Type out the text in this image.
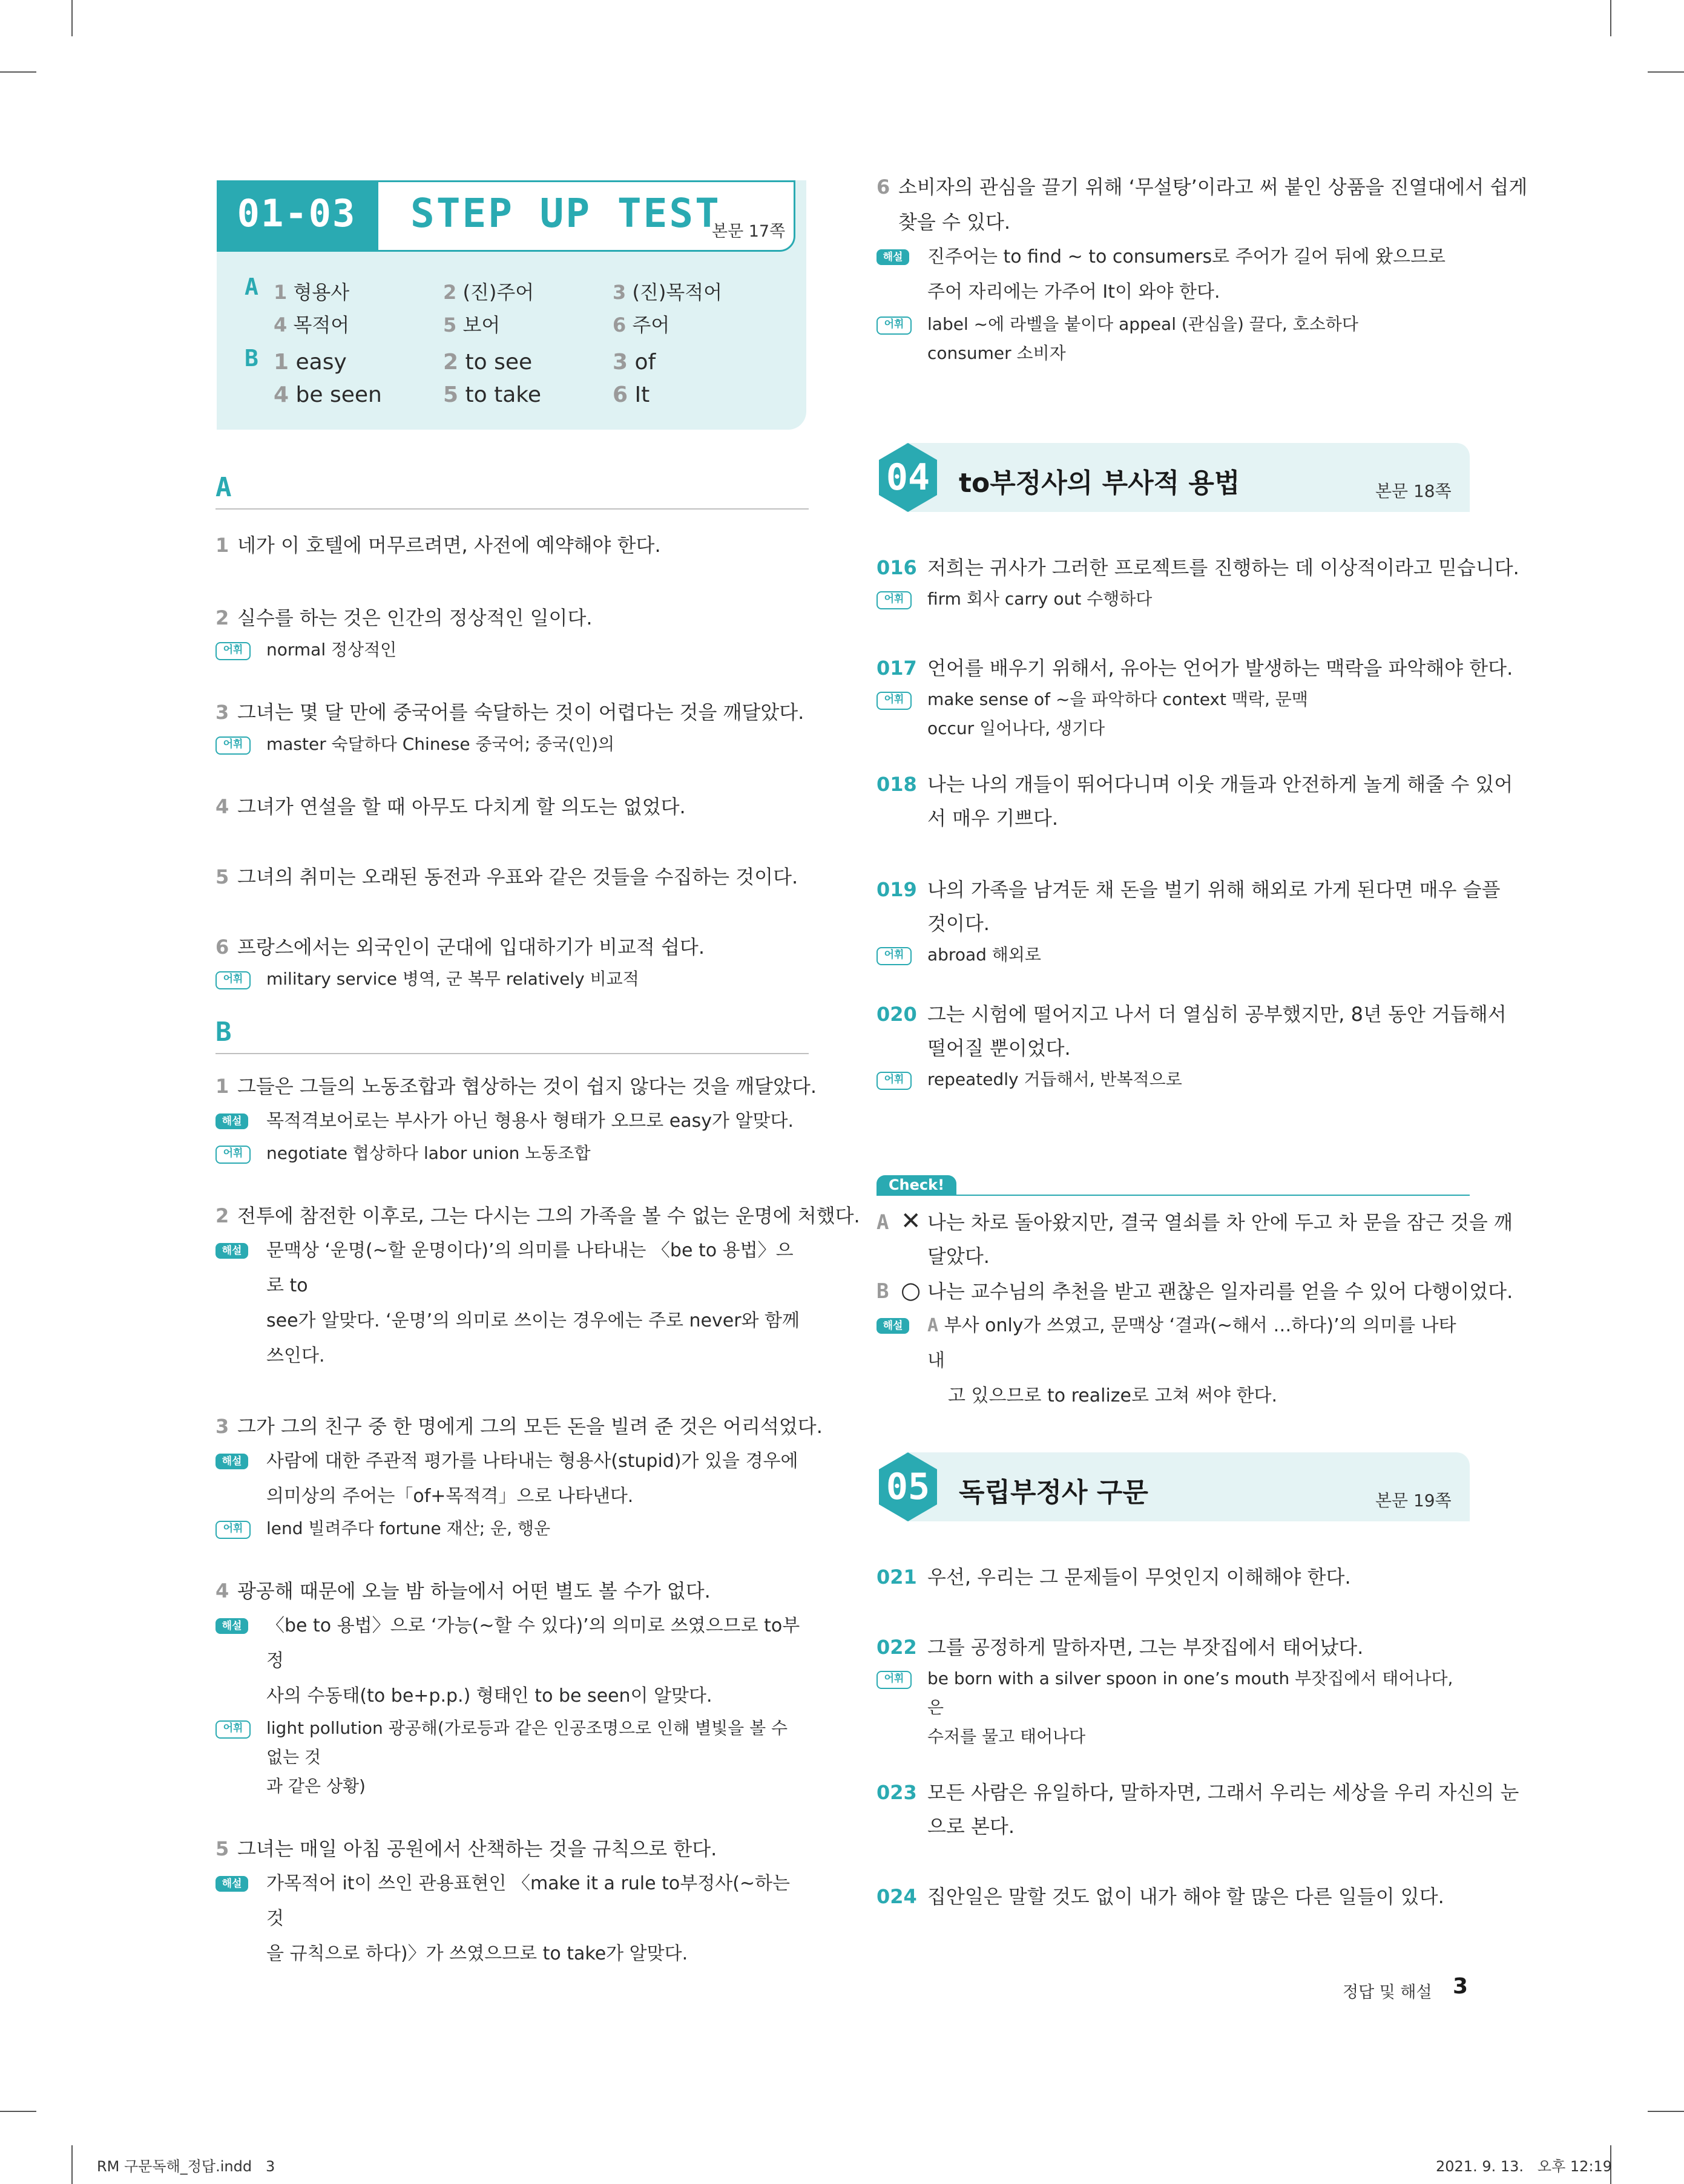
01-03	STEP UP TEST
본문 17쪽
A 1 형용사	2 (진)주어	3 (진)목적어
4 목적어	5 보어	6 주어
B 1 easy	2 to see	3 of
4 be seen	5 to take	6 It
A
1 네가 이 호텔에 머무르려면, 사전에 예약해야 한다.
2 실수를 하는 것은 인간의 정상적인 일이다.
어휘	normal 정상적인
3 그녀는 몇 달 만에 중국어를 숙달하는 것이 어렵다는 것을 깨달았다.
어휘	master 숙달하다 Chinese 중국어; 중국(인)의
4 그녀가 연설을 할 때 아무도 다치게 할 의도는 없었다.
5 그녀의 취미는 오래된 동전과 우표와 같은 것들을 수집하는 것이다.
6 프랑스에서는 외국인이 군대에 입대하기가 비교적 쉽다.
어휘	military service 병역, 군 복무 relatively 비교적
B
1 그들은 그들의 노동조합과 협상하는 것이 쉽지 않다는 것을 깨달았다.
해설	목적격보어로는 부사가 아닌 형용사 형태가 오므로 easy가 알맞다.
어휘	negotiate 협상하다 labor union 노동조합
2 전투에 참전한 이후로, 그는 다시는 그의 가족을 볼 수 없는 운명에 처했다.
해설	문맥상 ‘운명(~할 운명이다)’의 의미를 나타내는 〈be to 용법〉으로 to
see가 알맞다. ‘운명’의 의미로 쓰이는 경우에는 주로 never와 함께
쓰인다.
3 그가 그의 친구 중 한 명에게 그의 모든 돈을 빌려 준 것은 어리석었다.
해설	사람에 대한 주관적 평가를 나타내는 형용사(stupid)가 있을 경우에
의미상의 주어는「of+목적격」으로 나타낸다.
어휘	lend 빌려주다 fortune 재산; 운, 행운
4 광공해 때문에 오늘 밤 하늘에서 어떤 별도 볼 수가 없다.
해설	〈be to 용법〉으로 ‘가능(~할 수 있다)’의 의미로 쓰였으므로 to부정
사의 수동태(to be+p.p.) 형태인 to be seen이 알맞다.
어휘	light pollution 광공해(가로등과 같은 인공조명으로 인해 별빛을 볼 수 없는 것
과 같은 상황)
5 그녀는 매일 아침 공원에서 산책하는 것을 규칙으로 한다.
해설	가목적어 it이 쓰인 관용표현인 〈make it a rule to부정사(~하는 것
을 규칙으로 하다)〉가 쓰였으므로 to take가 알맞다.
6 소비자의 관심을 끌기 위해 ‘무설탕’이라고 써 붙인 상품을 진열대에서 쉽게
찾을 수 있다.
해설	진주어는 to find ~ to consumers로 주어가 길어 뒤에 왔으므로
주어 자리에는 가주어 It이 와야 한다.
어휘	label ~에 라벨을 붙이다 appeal (관심을) 끌다, 호소하다
consumer 소비자
04	to부정사의 부사적 용법	본문 18쪽
016 저희는 귀사가 그러한 프로젝트를 진행하는 데 이상적이라고 믿습니다.
어휘	firm 회사 carry out 수행하다
017 언어를 배우기 위해서, 유아는 언어가 발생하는 맥락을 파악해야 한다.
어휘	make sense of ~을 파악하다 context 맥락, 문맥
occur 일어나다, 생기다
018 나는 나의 개들이 뛰어다니며 이웃 개들과 안전하게 놀게 해줄 수 있어
서 매우 기쁘다.
019 나의 가족을 남겨둔 채 돈을 벌기 위해 해외로 가게 된다면 매우 슬플
것이다.
어휘	abroad 해외로
020 그는 시험에 떨어지고 나서 더 열심히 공부했지만, 8년 동안 거듭해서
떨어질 뿐이었다.
어휘	repeatedly 거듭해서, 반복적으로
Check!
A ✕ 나는 차로 돌아왔지만, 결국 열쇠를 차 안에 두고 차 문을 잠근 것을 깨
달았다.
B ○ 나는 교수님의 추천을 받고 괜찮은 일자리를 얻을 수 있어 다행이었다.
해설	A 부사 only가 쓰였고, 문맥상 ‘결과(~해서 …하다)’의 의미를 나타내
고 있으므로 to realize로 고쳐 써야 한다.
05	독립부정사 구문	본문 19쪽
021 우선, 우리는 그 문제들이 무엇인지 이해해야 한다.
022 그를 공정하게 말하자면, 그는 부잣집에서 태어났다.
어휘	be born with a silver spoon in one’s mouth 부잣집에서 태어나다, 은
수저를 물고 태어나다
023 모든 사람은 유일하다, 말하자면, 그래서 우리는 세상을 우리 자신의 눈
으로 본다.
024 집안일은 말할 것도 없이 내가 해야 할 많은 다른 일들이 있다.
정답 및 해설 3
RM 구문독해_정답.indd   3	2021. 9. 13.   오후 12:19
